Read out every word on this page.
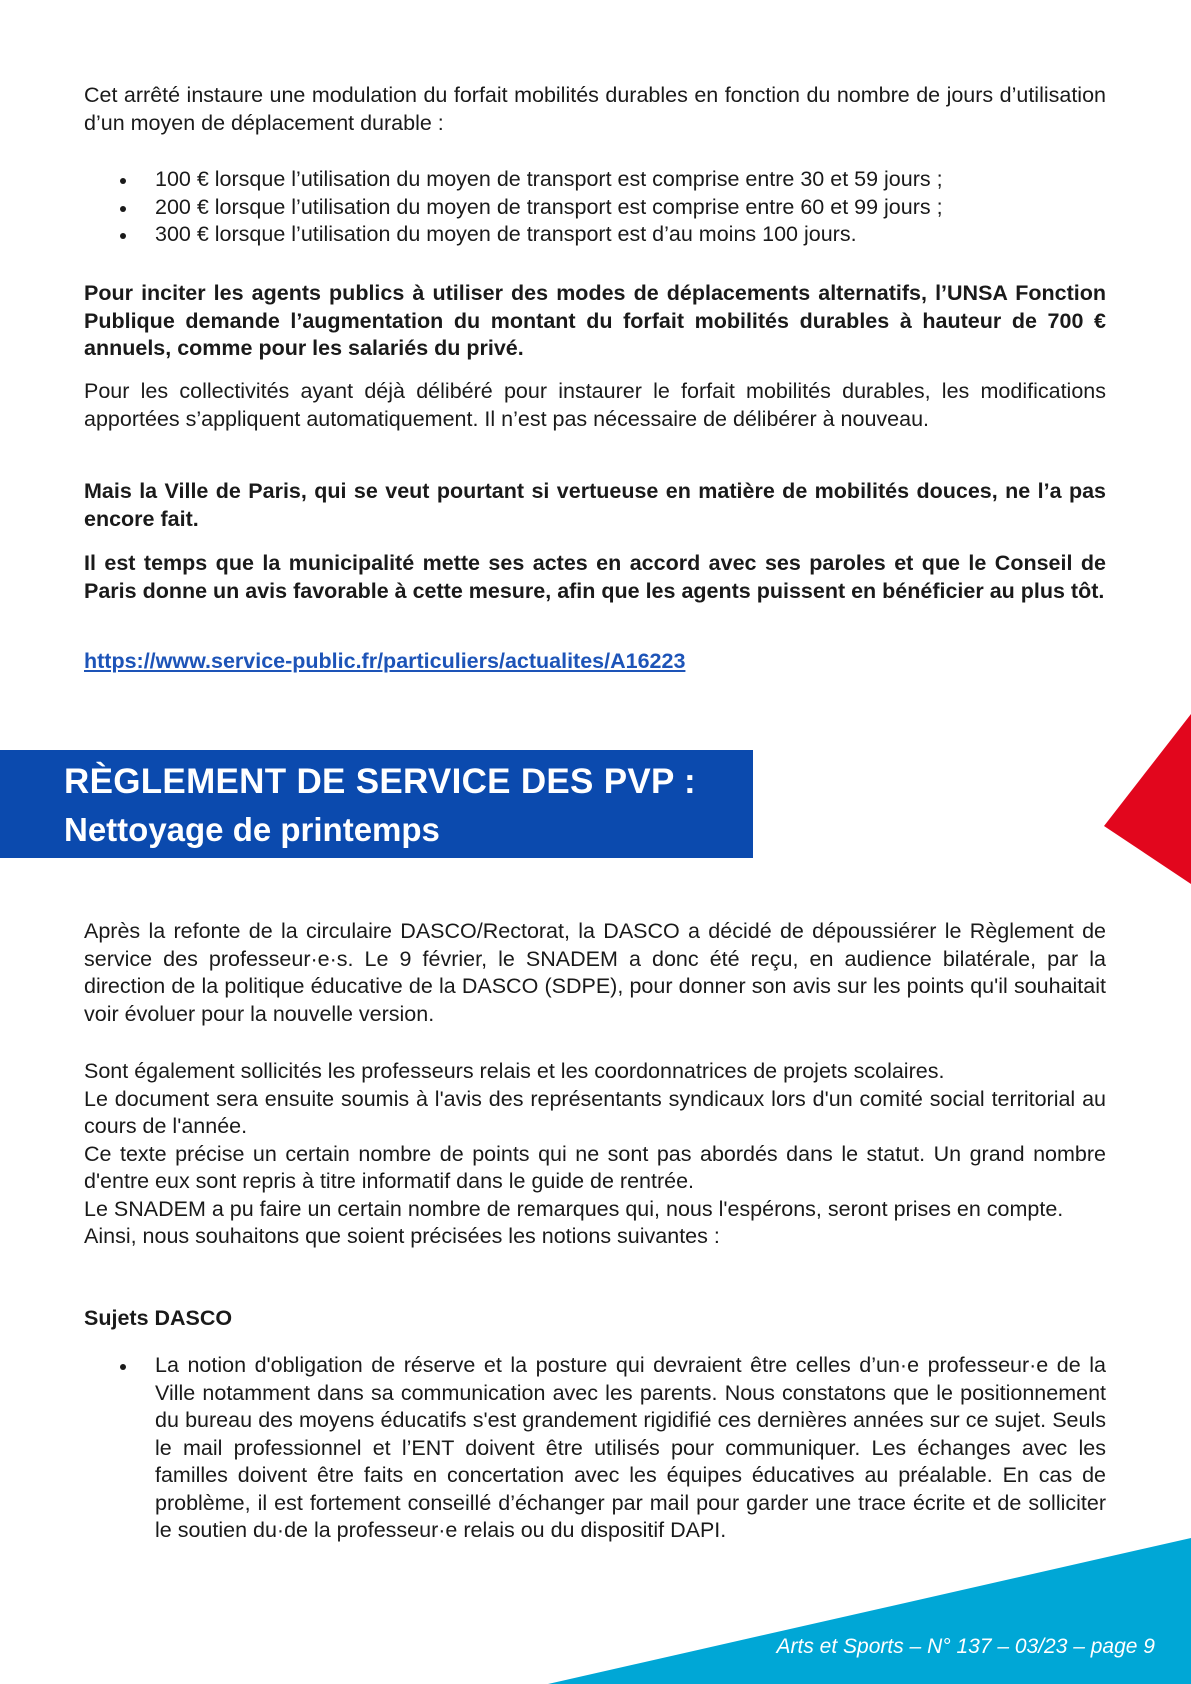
Cet arrêté instaure une modulation du forfait mobilités durables en fonction du nombre de jours d’utilisation d’un moyen de déplacement durable :

100 € lorsque l’utilisation du moyen de transport est comprise entre 30 et 59 jours ;
200 € lorsque l’utilisation du moyen de transport est comprise entre 60 et 99 jours ;
300 € lorsque l’utilisation du moyen de transport est d’au moins 100 jours.

Pour inciter les agents publics à utiliser des modes de déplacements alternatifs, l’UNSA Fonction Publique demande l’augmentation du montant du forfait mobilités durables à hauteur de 700 € annuels, comme pour les salariés du privé.

Pour les collectivités ayant déjà délibéré pour instaurer le forfait mobilités durables, les modifications apportées s’appliquent automatiquement. Il n’est pas nécessaire de délibérer à nouveau.

Mais la Ville de Paris, qui se veut pourtant si vertueuse en matière de mobilités douces, ne l’a pas encore fait.

Il est temps que la municipalité mette ses actes en accord avec ses paroles et que le Conseil de Paris donne un avis favorable à cette mesure, afin que les agents puissent en bénéficier au plus tôt.

https://www.service-public.fr/particuliers/actualites/A16223

RÈGLEMENT DE SERVICE DES PVP :
Nettoyage de printemps

Après la refonte de la circulaire DASCO/Rectorat, la DASCO a décidé de dépoussiérer le Règlement de service des professeur·e·s. Le 9 février, le SNADEM a donc été reçu, en audience bilatérale, par la direction de la politique éducative de la DASCO (SDPE), pour donner son avis sur les points qu'il souhaitait voir évoluer pour la nouvelle version.

Sont également sollicités les professeurs relais et les coordonnatrices de projets scolaires.
Le document sera ensuite soumis à l'avis des représentants syndicaux lors d'un comité social territorial au cours de l'année.
Ce texte précise un certain nombre de points qui ne sont pas abordés dans le statut. Un grand nombre d'entre eux sont repris à titre informatif dans le guide de rentrée.
Le SNADEM a pu faire un certain nombre de remarques qui, nous l'espérons, seront prises en compte.
Ainsi, nous souhaitons que soient précisées les notions suivantes :

Sujets DASCO

La notion d'obligation de réserve et la posture qui devraient être celles d’un·e professeur·e de la Ville notamment dans sa communication avec les parents. Nous constatons que le positionnement du bureau des moyens éducatifs s'est grandement rigidifié ces dernières années sur ce sujet. Seuls le mail professionnel et l’ENT doivent être utilisés pour communiquer. Les échanges avec les familles doivent être faits en concertation avec les équipes éducatives au préalable. En cas de problème, il est fortement conseillé d’échanger par mail pour garder une trace écrite et de solliciter le soutien du·de la professeur·e relais ou du dispositif DAPI.
Arts et Sports – N° 137 – 03/23 – page 9
